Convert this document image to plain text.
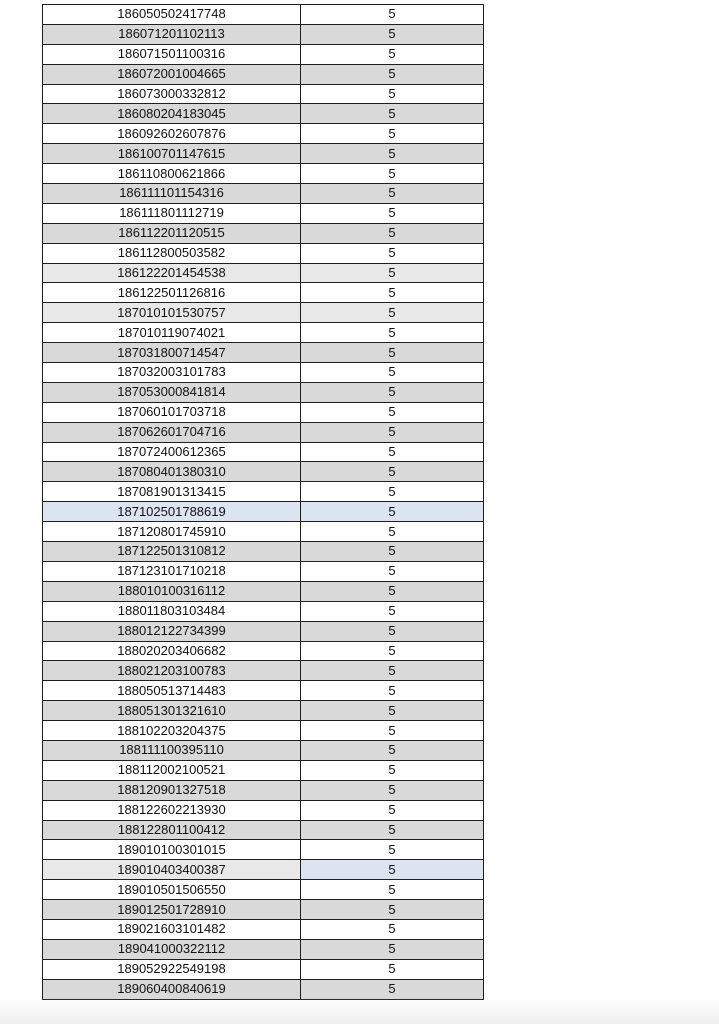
186050502417748	5
186071201102113	5
186071501100316	5
186072001004665	5
186073000332812	5
186080204183045	5
186092602607876	5
186100701147615	5
186110800621866	5
186111101154316	5
186111801112719	5
186112201120515	5
186112800503582	5
186122201454538	5
186122501126816	5
187010101530757	5
187010119074021	5
187031800714547	5
187032003101783	5
187053000841814	5
187060101703718	5
187062601704716	5
187072400612365	5
187080401380310	5
187081901313415	5
187102501788619	5
187120801745910	5
187122501310812	5
187123101710218	5
188010100316112	5
188011803103484	5
188012122734399	5
188020203406682	5
188021203100783	5
188050513714483	5
188051301321610	5
188102203204375	5
188111100395110	5
188112002100521	5
188120901327518	5
188122602213930	5
188122801100412	5
189010100301015	5
189010403400387	5
189010501506550	5
189012501728910	5
189021603101482	5
189041000322112	5
189052922549198	5
189060400840619	5
